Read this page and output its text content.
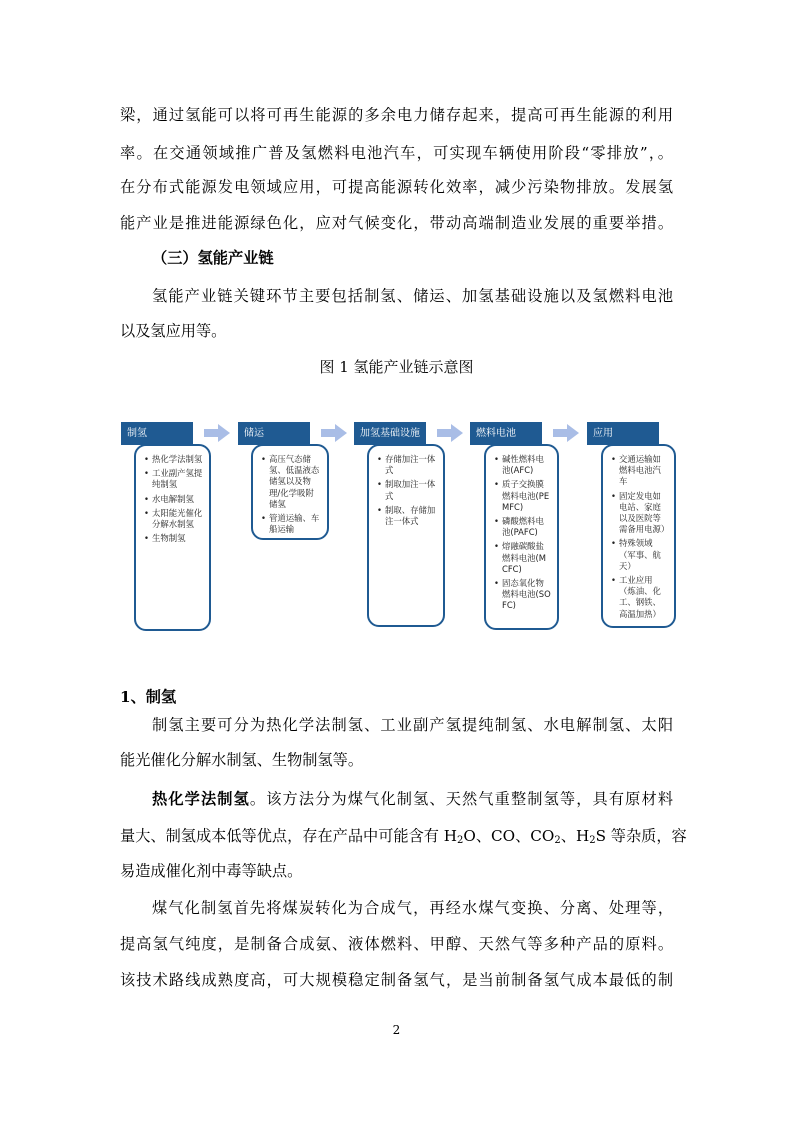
梁，通过氢能可以将可再生能源的多余电力储存起来，提高可再生能源的利用
率。在交通领域推广普及氢燃料电池汽车，可实现车辆使用阶段“零排放”，。
在分布式能源发电领域应用，可提高能源转化效率，减少污染物排放。发展氢
能产业是推进能源绿色化，应对气候变化，带动高端制造业发展的重要举措。
（三）氢能产业链
氢能产业链关键环节主要包括制氢、储运、加氢基础设施以及氢燃料电池
以及氢应用等。
图 1 氢能产业链示意图
• 热化学法制氢
• 工业副产氢提纯制氢
• 水电解制氢
• 太阳能光催化分解水制氢
• 生物制氢
制氢
• 高压气态储氢、低温液态储氢以及物理/化学吸附储氢
• 管道运输、车船运输
储运
• 存储加注一体式
• 制取加注一体式
• 制取、存储加注一体式
加氢基础设施
• 碱性燃料电池(AFC)
• 质子交换膜燃料电池(PEMFC)
• 磷酸燃料电池(PAFC)
• 熔融碳酸盐燃料电池(MCFC)
• 固态氧化物燃料电池(SOFC)
燃料电池
• 交通运输如燃料电池汽车
• 固定发电如电站、家庭以及医院等需备用电源）
• 特殊领域（军事、航天）
• 工业应用（炼油、化工、钢铁、高温加热）
应用
1、制氢
制氢主要可分为热化学法制氢、工业副产氢提纯制氢、水电解制氢、太阳
能光催化分解水制氢、生物制氢等。
热化学法制氢。该方法分为煤气化制氢、天然气重整制氢等，具有原材料
量大、制氢成本低等优点，存在产品中可能含有 $H_2O$、CO、$CO_2$、$H_2S$ 等杂质，容
易造成催化剂中毒等缺点。
煤气化制氢首先将煤炭转化为合成气，再经水煤气变换、分离、处理等，
提高氢气纯度，是制备合成氨、液体燃料、甲醇、天然气等多种产品的原料。
该技术路线成熟度高，可大规模稳定制备氢气，是当前制备氢气成本最低的制
2
